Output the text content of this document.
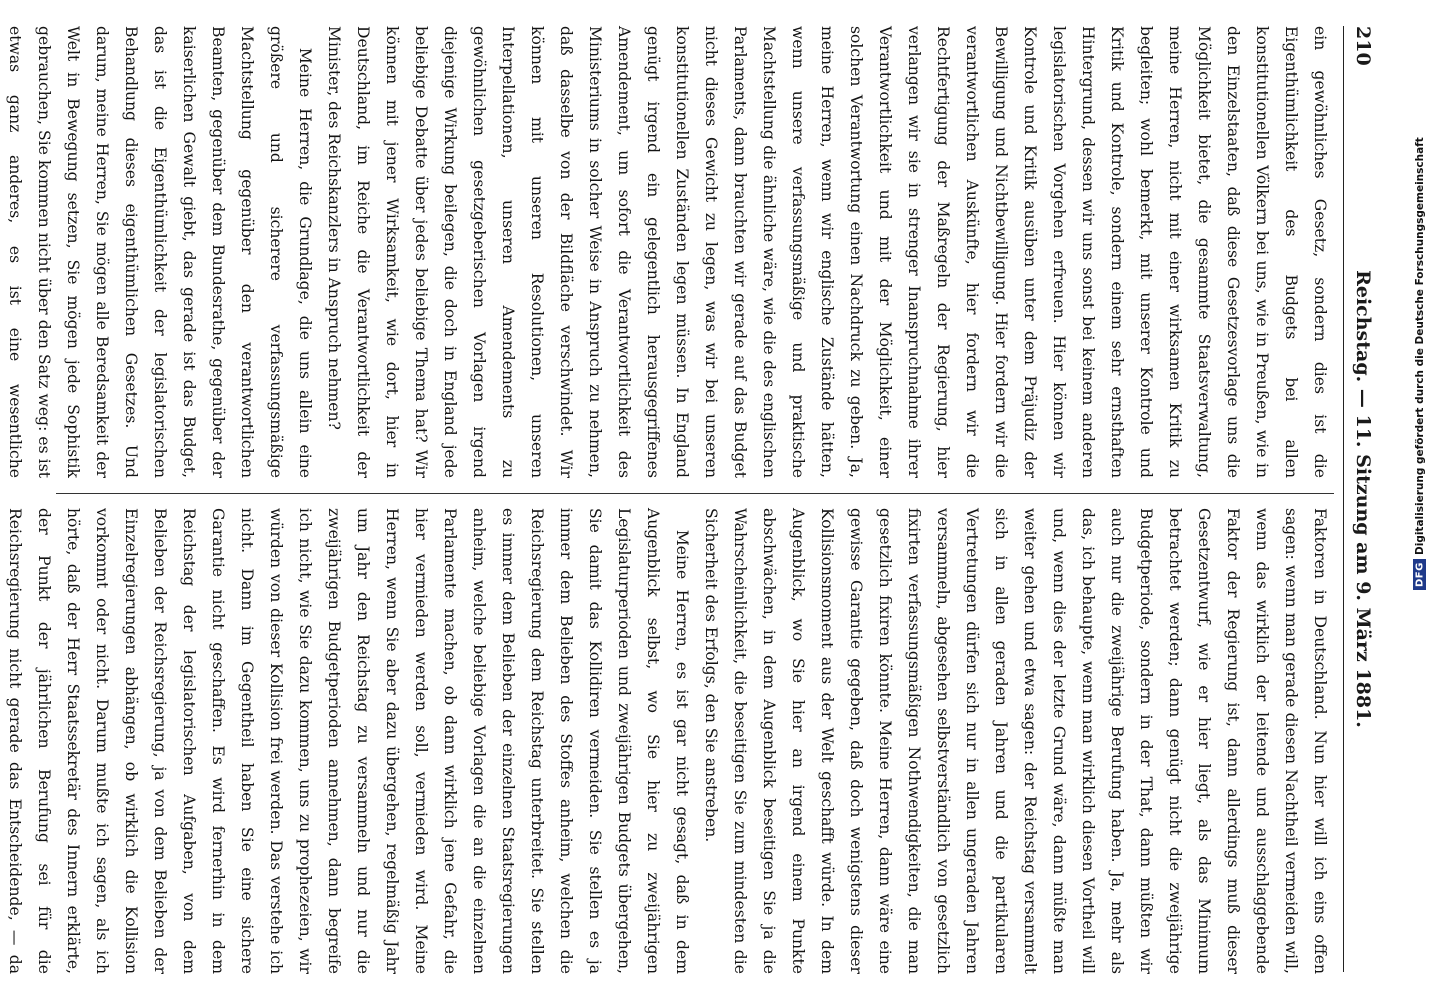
210
Reichstag. — 11. Sitzung am 9. März 1881.

ein gewöhnliches Gesetz, sondern dies ist die Eigenthümlichkeit des Budgets bei allen konstitutionellen Völkern bei uns, wie in Preußen, wie in den Einzelstaaten, daß diese Gesetzesvorlage uns die Möglichkeit bietet, die gesammte Staatsverwaltung, meine Herren, nicht mit einer wirksamen Kritik zu begleiten; wohl bemerkt, mit unserer Kontrole und Kritik und Kontrole, sondern einem sehr ernsthaften Hintergrund, dessen wir uns sonst bei keinem anderen legislatorischen Vorgehen erfreuen. Hier können wir Kontrole und Kritik ausüben unter dem Präjudiz der Bewilligung und Nichtbewilligung. Hier fordern wir die verantwortlichen Auskünfte, hier fordern wir die Rechtfertigung der Maßregeln der Regierung, hier verlangen wir sie in strenger Inanspruchnahme ihrer Verantwortlichkeit und mit der Möglichkeit, einer solchen Verantwortung einen Nachdruck zu geben. Ja, meine Herren, wenn wir englische Zustände hätten, wenn unsere verfassungsmäßige und praktische Machtstellung die ähnliche wäre, wie die des englischen Parlaments, dann brauchten wir gerade auf das Budget nicht dieses Gewicht zu legen, was wir bei unseren konstitutionellen Zuständen legen müssen. In England genügt irgend ein gelegentlich herausgegriffenes Amendement, um sofort die Verantwortlichkeit des Ministeriums in solcher Weise in Anspruch zu nehmen, daß dasselbe von der Bildfläche verschwindet. Wir können mit unseren Resolutionen, unseren Interpellationen, unseren Amendements zu gewöhnlichen gesetzgeberischen Vorlagen irgend diejenige Wirkung beilegen, die doch in England jede beliebige Debatte über jedes beliebige Thema hat? Wir können mit jener Wirksamkeit, wie dort, hier in Deutschland, im Reiche die Verantwortlichkeit der Minister, des Reichskanzlers in Anspruch nehmen?

Meine Herren, die Grundlage, die uns allein eine größere und sicherere verfassungsmäßige Machtstellung gegenüber den verantwortlichen Beamten, gegenüber dem Bundesrathe, gegenüber der kaiserlichen Gewalt giebt, das gerade ist das Budget, das ist die Eigenthümlichkeit der legislatorischen Behandlung dieses eigenthümlichen Gesetzes. Und darum, meine Herren, Sie mögen alle Beredsamkeit der Welt in Bewegung setzen, Sie mögen jede Sophistik gebrauchen, Sie kommen nicht über den Satz weg: es ist etwas ganz anderes, es ist eine wesentliche

Faktoren in Deutschland. Nun hier will ich eins offen sagen: wenn man gerade diesen Nachtheil vermeiden will, wenn das wirklich der leitende und ausschlaggebende Faktor der Regierung ist, dann allerdings muß dieser Gesetzentwurf, wie er hier liegt, als das Minimum betrachtet werden; dann genügt nicht die zweijährige Budgetperiode, sondern in der That, dann müßten wir auch nur die zweijährige Berufung haben. Ja, mehr als das, ich behaupte, wenn man wirklich diesen Vortheil will und, wenn dies der letzte Grund wäre, dann müßte man weiter gehen und etwa sagen: der Reichstag versammelt sich in allen geraden Jahren und die partikularen Vertretungen dürfen sich nur in allen ungeraden Jahren versammeln, abgesehen selbstverständlich von gesetzlich fixirten verfassungsmäßigen Nothwendigkeiten, die man gesetzlich fixiren könnte. Meine Herren, dann wäre eine gewisse Garantie gegeben, daß doch wenigstens dieser Kollisionsmoment aus der Welt geschafft würde. In dem Augenblick, wo Sie hier an irgend einem Punkte abschwächen, in dem Augenblick beseitigen Sie ja die Wahrscheinlichkeit, die beseitigen Sie zum mindesten die Sicherheit des Erfolgs, den Sie anstreben.

Meine Herren, es ist gar nicht gesagt, daß in dem Augenblick selbst, wo Sie hier zu zweijährigen Legislaturperioden und zweijährigen Budgets übergehen, Sie damit das Kollidiren vermeiden. Sie stellen es ja immer dem Belieben des Stoffes anheim, welchen die Reichsregierung dem Reichstag unterbreitet. Sie stellen es immer dem Belieben der einzelnen Staatsregierungen anheim, welche beliebige Vorlagen die an die einzelnen Parlamente machen, ob dann wirklich jene Gefahr, die hier vermieden werden soll, vermieden wird. Meine Herren, wenn Sie aber dazu übergehen, regelmäßig Jahr um Jahr den Reichstag zu versammeln und nur die zweijährigen Budgetperioden annehmen, dann begreife ich nicht, wie Sie dazu kommen, uns zu prophezeien, wir würden von dieser Kollision frei werden. Das verstehe ich nicht. Dann im Gegentheil haben Sie eine sichere Garantie nicht geschaffen. Es wird fernerhin in dem Reichstag der legislatorischen Aufgaben, von dem Belieben der Reichsregierung, ja von dem Belieben der Einzelregierungen abhängen, ob wirklich die Kollision vorkommt oder nicht. Darum mußte ich sagen, als ich hörte, daß der Herr Staatssekretär des Innern erklärte, der Punkt der jährlichen Berufung sei für die Reichsregierung nicht gerade das Entscheidende, — da

DFG
Digitalisierung gefördert durch die Deutsche Forschungsgemeinschaft
